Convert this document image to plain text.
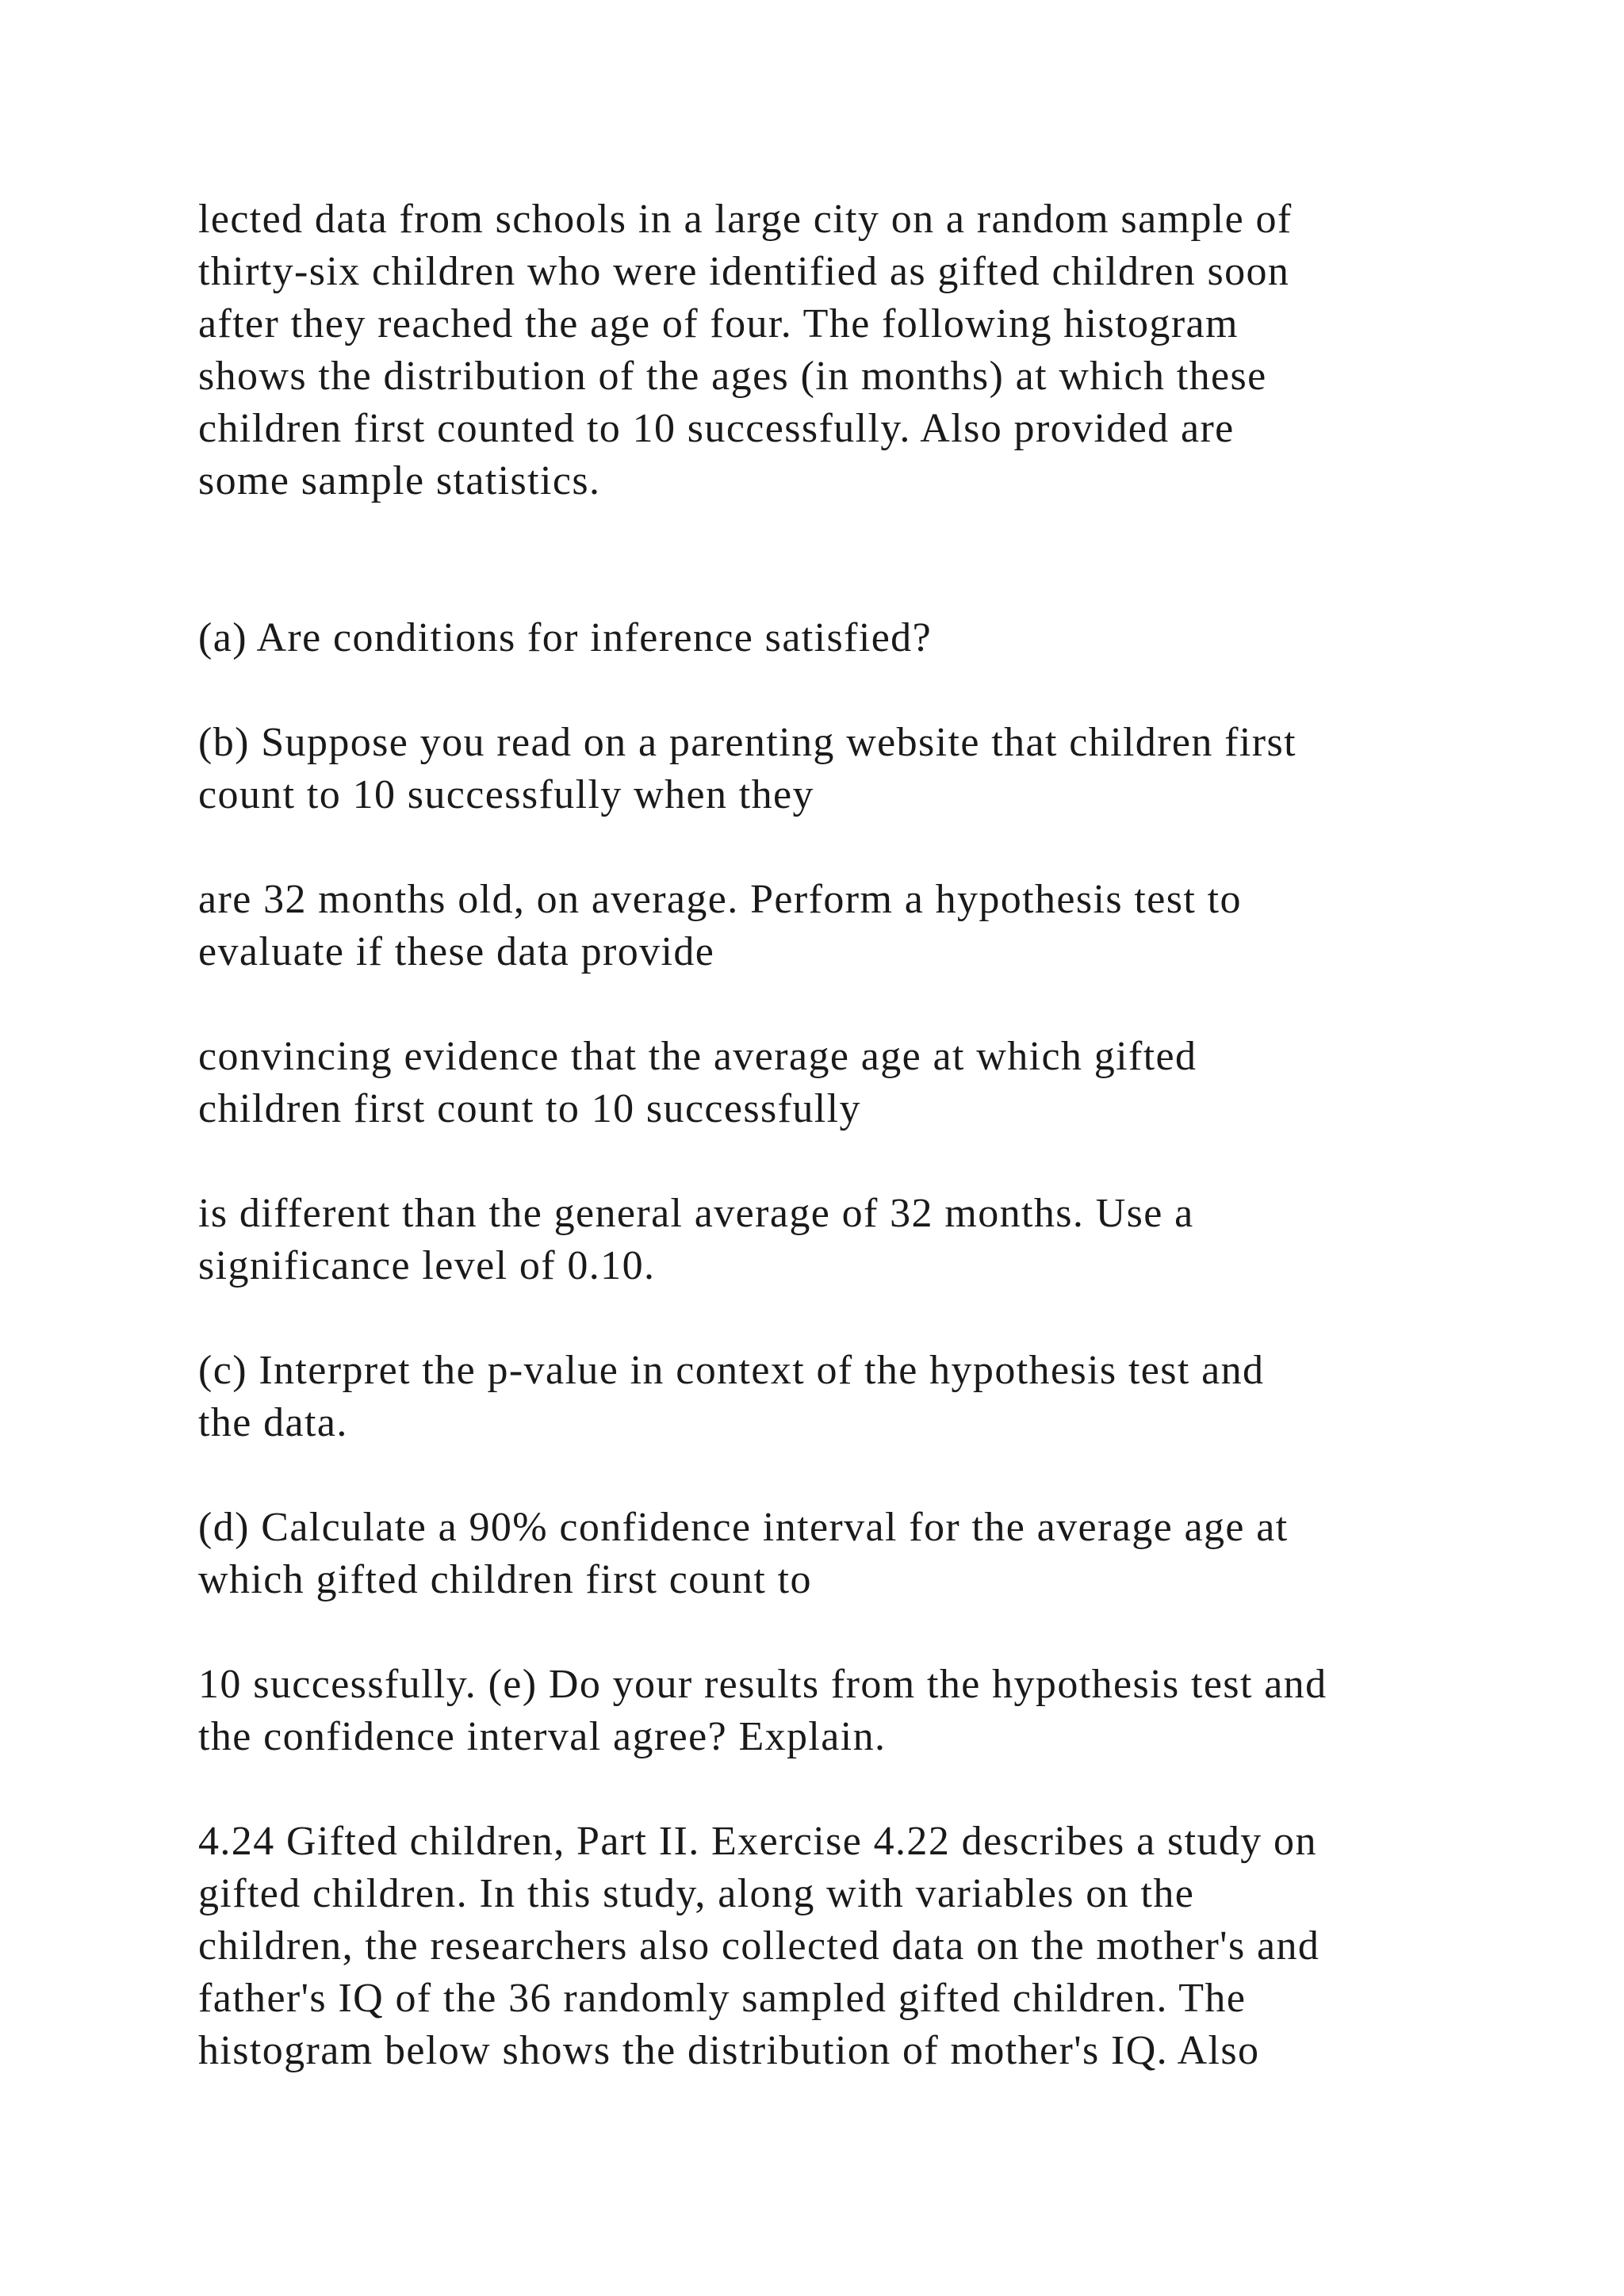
lected data from schools in a large city on a random sample of
thirty-six children who were identified as gifted children soon
after they reached the age of four. The following histogram
shows the distribution of the ages (in months) at which these
children first counted to 10 successfully. Also provided are
some sample statistics.

(a) Are conditions for inference satisfied?

(b) Suppose you read on a parenting website that children first
count to 10 successfully when they

are 32 months old, on average. Perform a hypothesis test to
evaluate if these data provide

convincing evidence that the average age at which gifted
children first count to 10 successfully

is different than the general average of 32 months. Use a
significance level of 0.10.

(c) Interpret the p-value in context of the hypothesis test and
the data.

(d) Calculate a 90% confidence interval for the average age at
which gifted children first count to

10 successfully. (e) Do your results from the hypothesis test and
the confidence interval agree? Explain.

4.24 Gifted children, Part II. Exercise 4.22 describes a study on
gifted children. In this study, along with variables on the
children, the researchers also collected data on the mother's and
father's IQ of the 36 randomly sampled gifted children. The
histogram below shows the distribution of mother's IQ. Also
